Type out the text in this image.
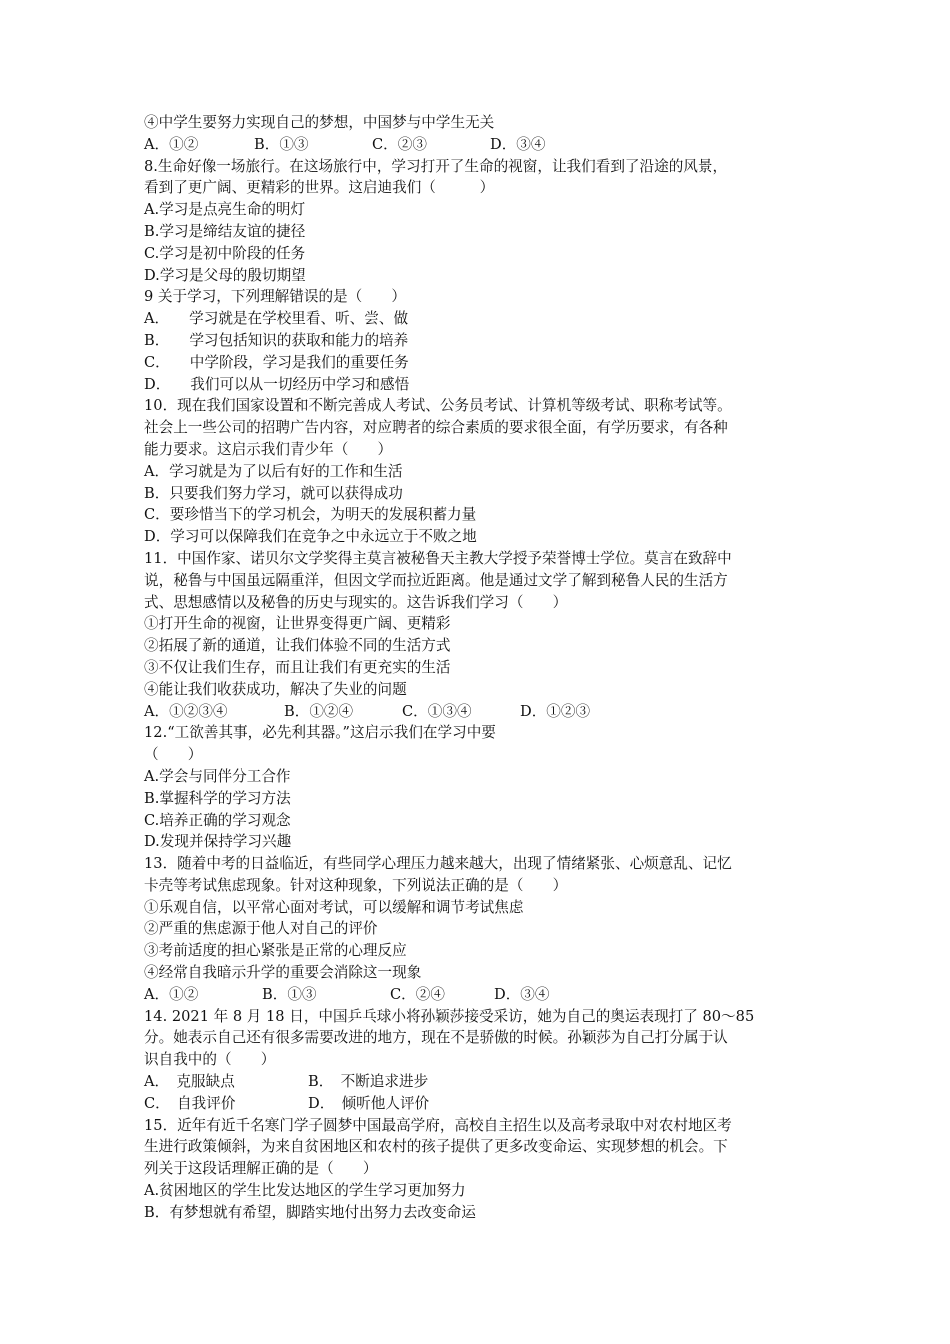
④中学生要努力实现自己的梦想，中国梦与中学生无关
A．①②	B．①③	C．②③	D．③④
8.生命好像一场旅行。在这场旅行中，学习打开了生命的视窗，让我们看到了沿途的风景，
看到了更广阔、更精彩的世界。这启迪我们（　　　）
A.学习是点亮生命的明灯
B.学习是缔结友谊的捷径
C.学习是初中阶段的任务
D.学习是父母的殷切期望
9 关于学习，下列理解错误的是（　　）
A． 学习就是在学校里看、听、尝、做
B． 学习包括知识的获取和能力的培养
C． 中学阶段，学习是我们的重要任务
D． 我们可以从一切经历中学习和感悟
10．现在我们国家设置和不断完善成人考试、公务员考试、计算机等级考试、职称考试等。
社会上一些公司的招聘广告内容，对应聘者的综合素质的要求很全面，有学历要求，有各种
能力要求。这启示我们青少年（　　）
A．学习就是为了以后有好的工作和生活
B．只要我们努力学习，就可以获得成功
C．要珍惜当下的学习机会，为明天的发展积蓄力量
D．学习可以保障我们在竞争之中永远立于不败之地
11．中国作家、诺贝尔文学奖得主莫言被秘鲁天主教大学授予荣誉博士学位。莫言在致辞中
说，秘鲁与中国虽远隔重洋，但因文学而拉近距离。他是通过文学了解到秘鲁人民的生活方
式、思想感情以及秘鲁的历史与现实的。这告诉我们学习（　　）
①打开生命的视窗，让世界变得更广阔、更精彩
②拓展了新的通道，让我们体验不同的生活方式
③不仅让我们生存，而且让我们有更充实的生活
④能让我们收获成功，解决了失业的问题
A．①②③④	B．①②④	C．①③④	D．①②③
12.“工欲善其事，必先利其器。”这启示我们在学习中要
（　　）
A.学会与同伴分工合作
B.掌握科学的学习方法
C.培养正确的学习观念
D.发现并保持学习兴趣
13．随着中考的日益临近，有些同学心理压力越来越大，出现了情绪紧张、心烦意乱、记忆
卡壳等考试焦虑现象。针对这种现象，下列说法正确的是（　　）
①乐观自信，以平常心面对考试，可以缓解和调节考试焦虑
②严重的焦虑源于他人对自己的评价
③考前适度的担心紧张是正常的心理反应
④经常自我暗示升学的重要会消除这一现象
A．①②	B．①③	C．②④	D．③④
14. 2021 年 8 月 18 日，中国乒乓球小将孙颖莎接受采访，她为自己的奥运表现打了 80～85
分。她表示自己还有很多需要改进的地方，现在不是骄傲的时候。孙颖莎为自己打分属于认
识自我中的（　　）
A．　克服缺点	B．　不断追求进步
C．　自我评价	D．　倾听他人评价
15．近年有近千名寒门学子圆梦中国最高学府，高校自主招生以及高考录取中对农村地区考
生进行政策倾斜，为来自贫困地区和农村的孩子提供了更多改变命运、实现梦想的机会。下
列关于这段话理解正确的是（　　）
A.贫困地区的学生比发达地区的学生学习更加努力
B．有梦想就有希望，脚踏实地付出努力去改变命运
